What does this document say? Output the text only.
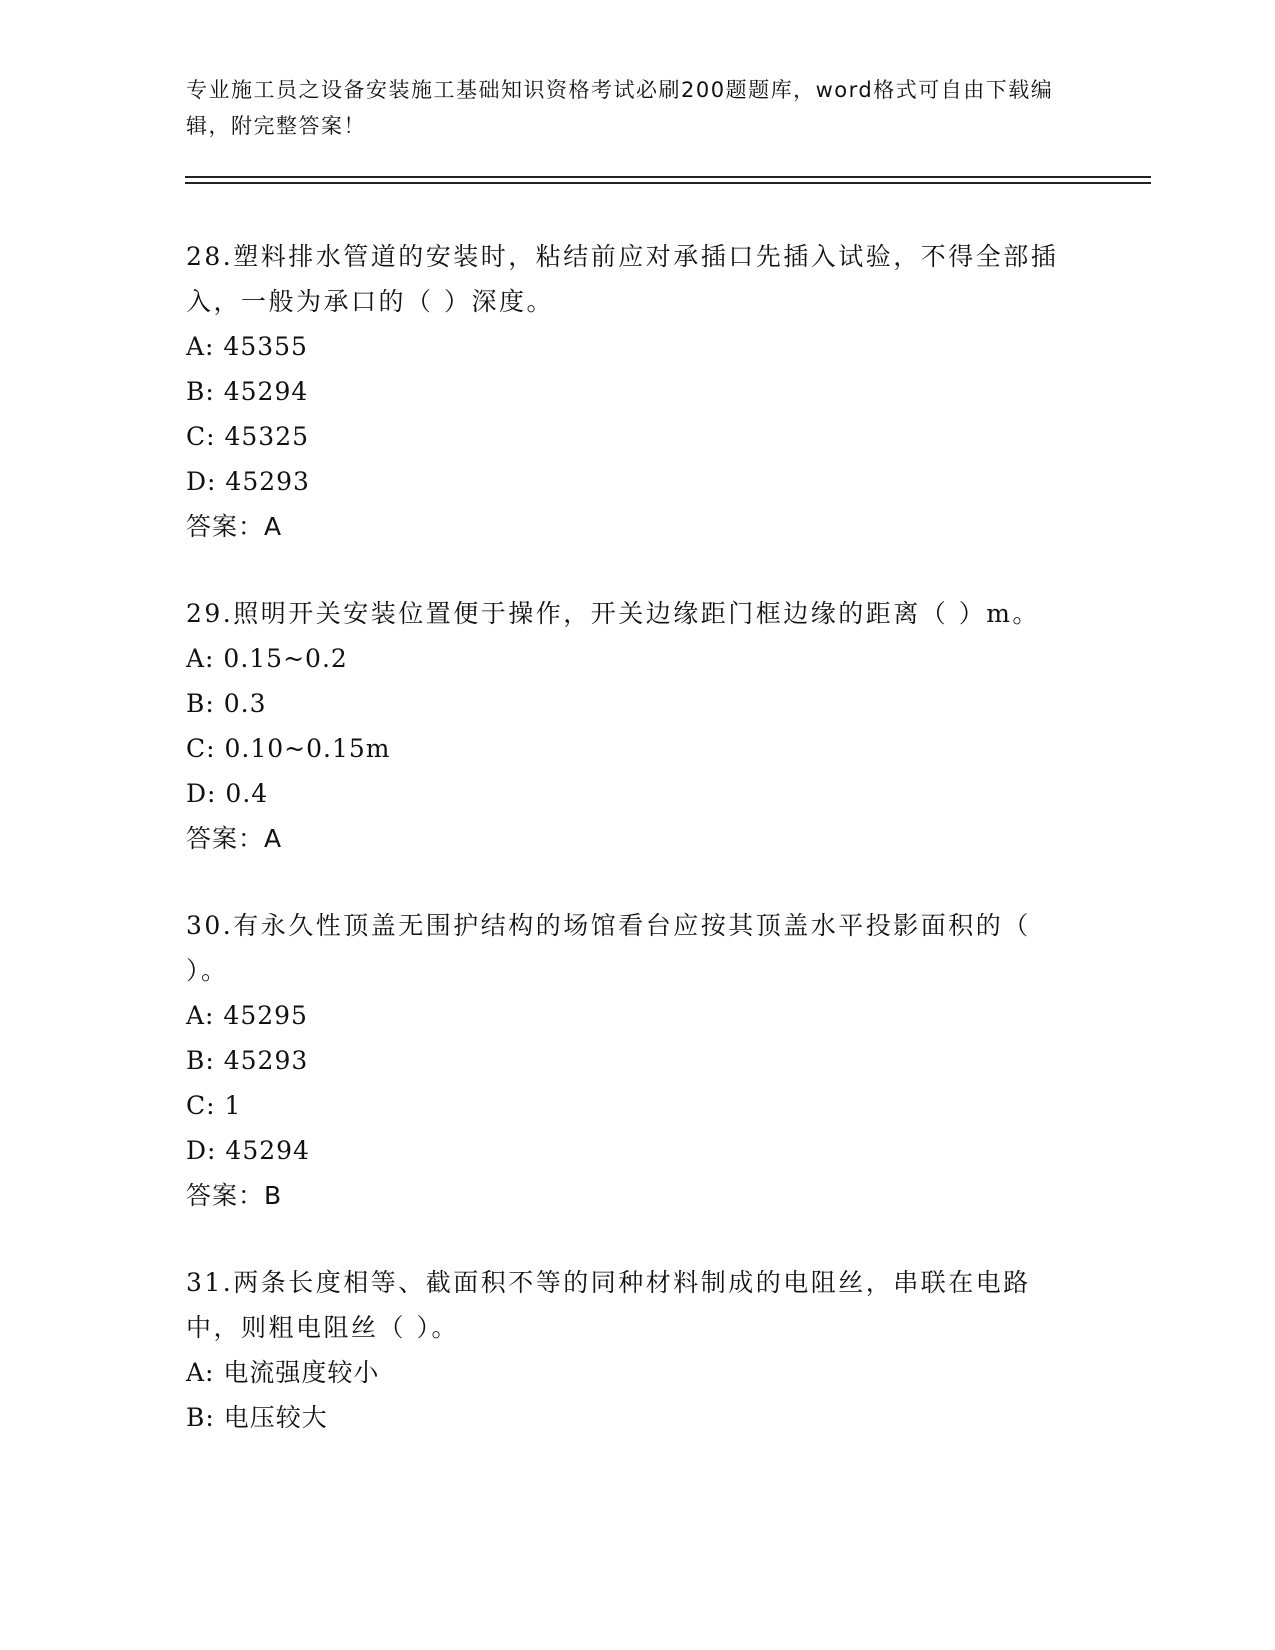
专业施工员之设备安装施工基础知识资格考试必刷200题题库，word格式可自由下载编辑，附完整答案！
28.塑料排水管道的安装时，粘结前应对承插口先插入试验，不得全部插入，一般为承口的（ ）深度。
A: 45355
B: 45294
C: 45325
D: 45293
答案：A
29.照明开关安装位置便于操作，开关边缘距门框边缘的距离（ ）m。
A: 0.15~0.2
B: 0.3
C: 0.10~0.15m
D: 0.4
答案：A
30.有永久性顶盖无围护结构的场馆看台应按其顶盖水平投影面积的（ ）。
A: 45295
B: 45293
C: 1
D: 45294
答案：B
31.两条长度相等、截面积不等的同种材料制成的电阻丝，串联在电路中，则粗电阻丝（ ）。
A: 电流强度较小
B: 电压较大
